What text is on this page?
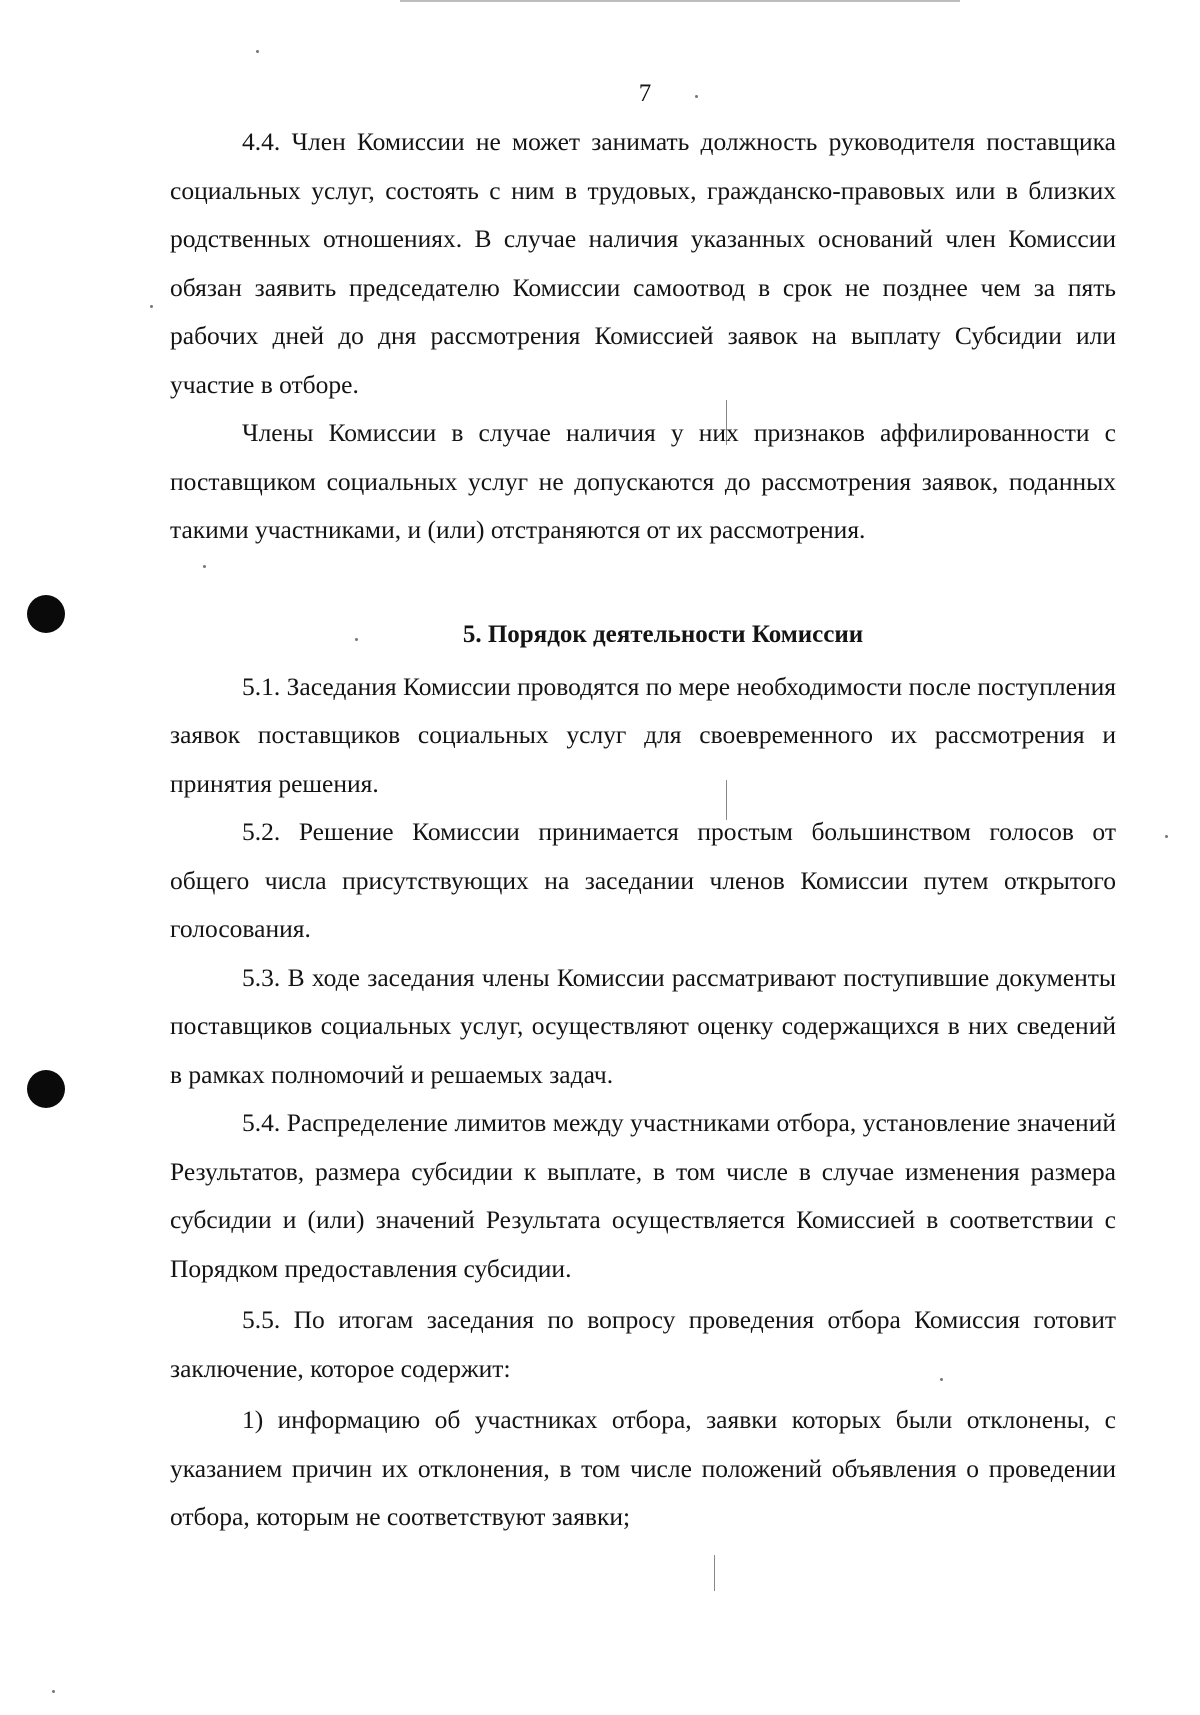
7

4.4. Член Комиссии не может занимать должность руководителя поставщика социальных услуг, состоять с ним в трудовых, гражданско-правовых или в близких родственных отношениях. В случае наличия указанных оснований член Комиссии обязан заявить председателю Комиссии самоотвод в срок не позднее чем за пять рабочих дней до дня рассмотрения Комиссией заявок на выплату Субсидии или участие в отборе.

Члены Комиссии в случае наличия у них признаков аффилированности с поставщиком социальных услуг не допускаются до рассмотрения заявок, поданных такими участниками, и (или) отстраняются от их рассмотрения.

5. Порядок деятельности Комиссии

5.1. Заседания Комиссии проводятся по мере необходимости после поступления заявок поставщиков социальных услуг для своевременного их рассмотрения и принятия решения.

5.2. Решение Комиссии принимается простым большинством голосов от общего числа присутствующих на заседании членов Комиссии путем открытого голосования.

5.3. В ходе заседания члены Комиссии рассматривают поступившие документы поставщиков социальных услуг, осуществляют оценку содержащихся в них сведений в рамках полномочий и решаемых задач.

5.4. Распределение лимитов между участниками отбора, установление значений Результатов, размера субсидии к выплате, в том числе в случае изменения размера субсидии и (или) значений Результата осуществляется Комиссией в соответствии с Порядком предоставления субсидии.

5.5. По итогам заседания по вопросу проведения отбора Комиссия готовит заключение, которое содержит:

1) информацию об участниках отбора, заявки которых были отклонены, с указанием причин их отклонения, в том числе положений объявления о проведении отбора, которым не соответствуют заявки;
